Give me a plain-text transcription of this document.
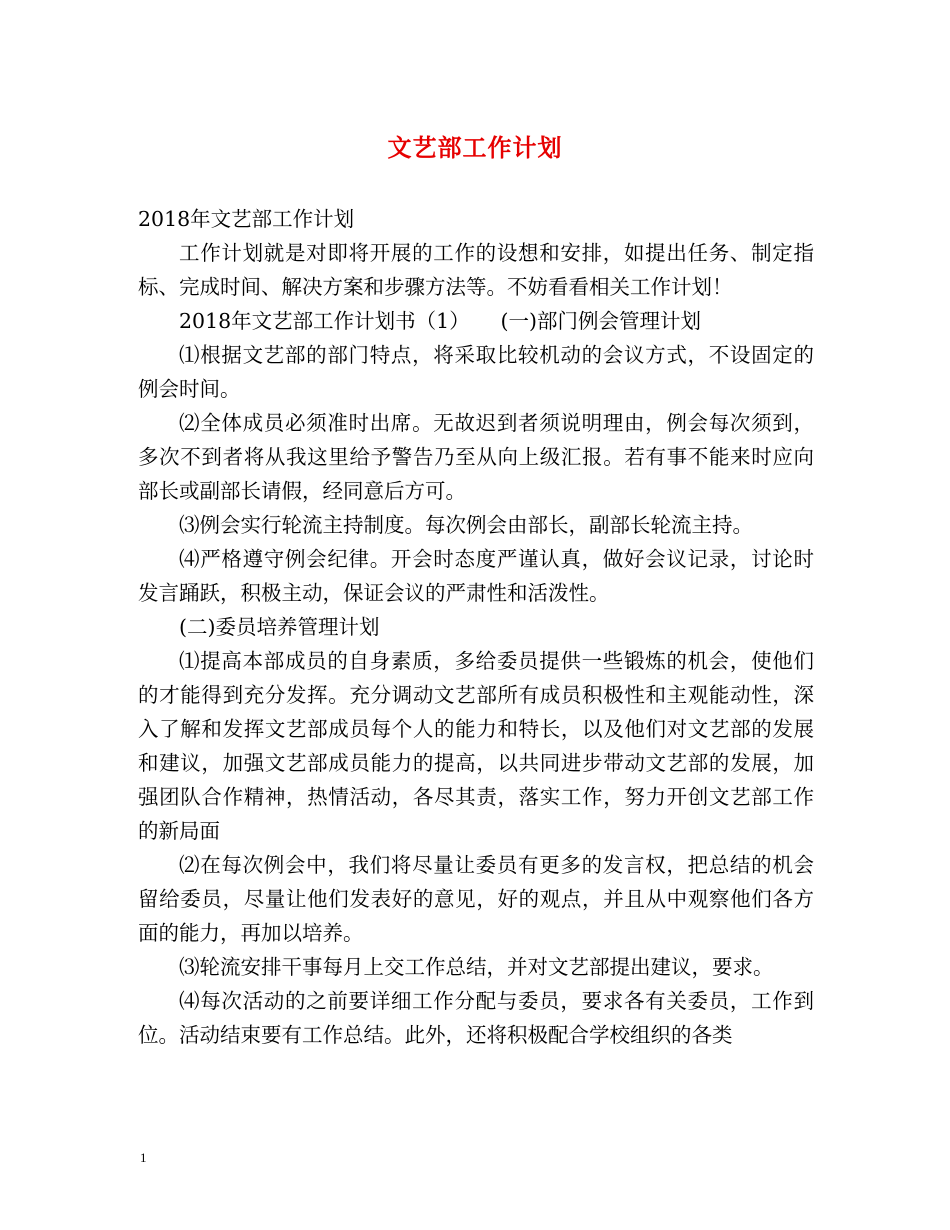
文艺部工作计划

2018年文艺部工作计划

工作计划就是对即将开展的工作的设想和安排，如提出任务、制定指标、完成时间、解决方案和步骤方法等。不妨看看相关工作计划！

2018年文艺部工作计划书（1）　　(一)部门例会管理计划

⑴根据文艺部的部门特点，将采取比较机动的会议方式，不设固定的例会时间。

⑵全体成员必须准时出席。无故迟到者须说明理由，例会每次须到，多次不到者将从我这里给予警告乃至从向上级汇报。若有事不能来时应向部长或副部长请假，经同意后方可。

⑶例会实行轮流主持制度。每次例会由部长，副部长轮流主持。

⑷严格遵守例会纪律。开会时态度严谨认真，做好会议记录，讨论时发言踊跃，积极主动，保证会议的严肃性和活泼性。

(二)委员培养管理计划

⑴提高本部成员的自身素质，多给委员提供一些锻炼的机会，使他们的才能得到充分发挥。充分调动文艺部所有成员积极性和主观能动性，深入了解和发挥文艺部成员每个人的能力和特长，以及他们对文艺部的发展和建议，加强文艺部成员能力的提高，以共同进步带动文艺部的发展，加强团队合作精神，热情活动，各尽其责，落实工作，努力开创文艺部工作的新局面

⑵在每次例会中，我们将尽量让委员有更多的发言权，把总结的机会留给委员，尽量让他们发表好的意见，好的观点，并且从中观察他们各方面的能力，再加以培养。

⑶轮流安排干事每月上交工作总结，并对文艺部提出建议，要求。

⑷每次活动的之前要详细工作分配与委员，要求各有关委员，工作到位。活动结束要有工作总结。此外，还将积极配合学校组织的各类

1
